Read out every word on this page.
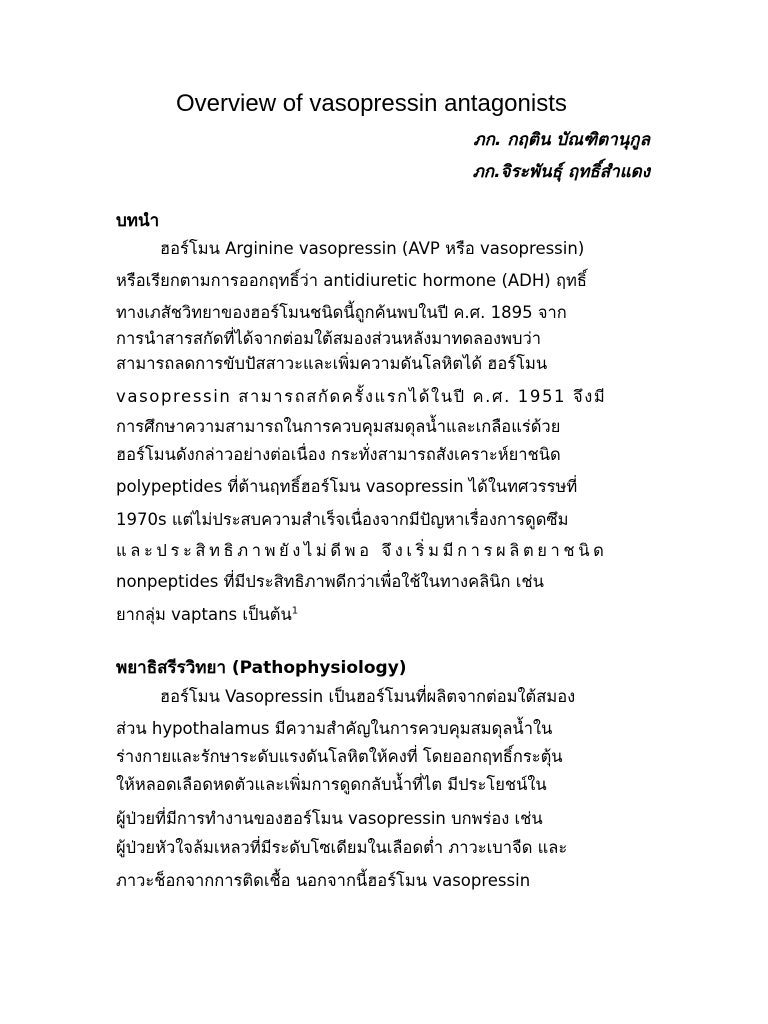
Overview of vasopressin antagonists
ภก. กฤติน บัณฑิตานุกูล
ภก.จิระพันธุ์ ฤทธิ์สำแดง
บทนำ
ฮอร์โมน Arginine vasopressin (AVP หรือ vasopressin)
หรือเรียกตามการออกฤทธิ์ว่า antidiuretic hormone (ADH) ฤทธิ์
ทางเภสัชวิทยาของฮอร์โมนชนิดนี้ถูกค้นพบในปี ค.ศ. 1895 จาก
การนำสารสกัดที่ได้จากต่อมใต้สมองส่วนหลังมาทดลองพบว่า
สามารถลดการขับปัสสาวะและเพิ่มความดันโลหิตได้ ฮอร์โมน
vasopressin สามารถสกัดครั้งแรกได้ในปี ค.ศ. 1951 จึงมี
การศึกษาความสามารถในการควบคุมสมดุลน้ำและเกลือแร่ด้วย
ฮอร์โมนดังกล่าวอย่างต่อเนื่อง กระทั่งสามารถสังเคราะห์ยาชนิด
polypeptides ที่ต้านฤทธิ์ฮอร์โมน vasopressin ได้ในทศวรรษที่
1970s แต่ไม่ประสบความสำเร็จเนื่องจากมีปัญหาเรื่องการดูดซึม
และประสิทธิภาพยังไม่ดีพอ จึงเริ่มมีการผลิตยาชนิด
nonpeptides ที่มีประสิทธิภาพดีกว่าเพื่อใช้ในทางคลินิก เช่น
ยากลุ่ม vaptans เป็นต้น$^1$
พยาธิสรีรวิทยา (Pathophysiology)
ฮอร์โมน Vasopressin เป็นฮอร์โมนที่ผลิตจากต่อมใต้สมอง
ส่วน hypothalamus มีความสำคัญในการควบคุมสมดุลน้ำใน
ร่างกายและรักษาระดับแรงดันโลหิตให้คงที่ โดยออกฤทธิ์กระตุ้น
ให้หลอดเลือดหดตัวและเพิ่มการดูดกลับน้ำที่ไต มีประโยชน์ใน
ผู้ป่วยที่มีการทำงานของฮอร์โมน vasopressin บกพร่อง เช่น
ผู้ป่วยหัวใจล้มเหลวที่มีระดับโซเดียมในเลือดต่ำ ภาวะเบาจืด และ
ภาวะช็อกจากการติดเชื้อ นอกจากนี้ฮอร์โมน vasopressin
